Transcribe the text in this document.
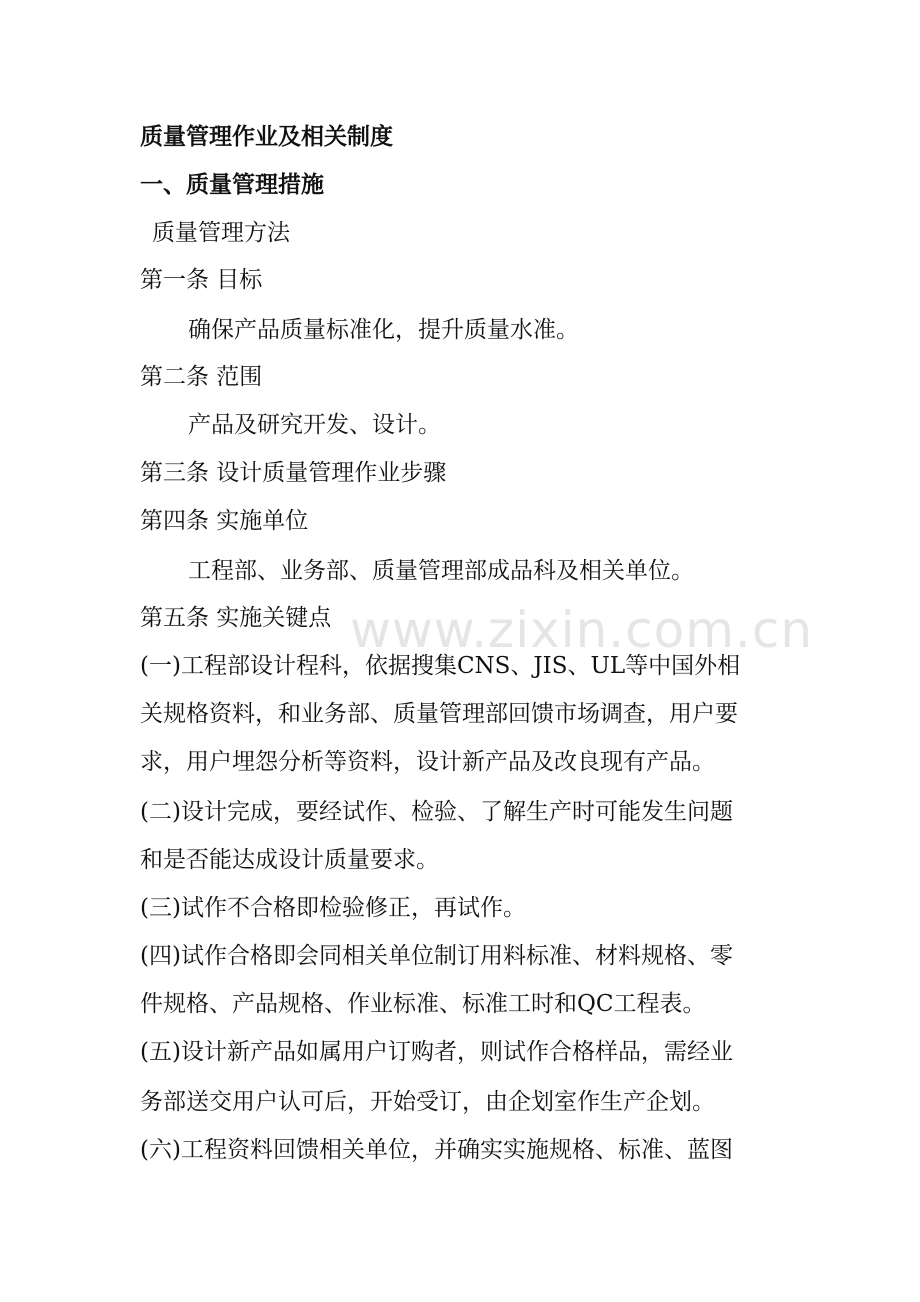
质量管理作业及相关制度
一、质量管理措施
质量管理方法
第一条 目标
确保产品质量标准化，提升质量水准。
第二条 范围
产品及研究开发、设计。
第三条 设计质量管理作业步骤
第四条 实施单位
工程部、业务部、质量管理部成品科及相关单位。
第五条 实施关键点
(一)工程部设计程科，依据搜集CNS、JIS、UL等中国外相
关规格资料，和业务部、质量管理部回馈市场调查，用户要
求，用户埋怨分析等资料，设计新产品及改良现有产品。
(二)设计完成，要经试作、检验、了解生产时可能发生问题
和是否能达成设计质量要求。
(三)试作不合格即检验修正，再试作。
(四)试作合格即会同相关单位制订用料标准、材料规格、零
件规格、产品规格、作业标准、标准工时和QC工程表。
(五)设计新产品如属用户订购者，则试作合格样品，需经业
务部送交用户认可后，开始受订，由企划室作生产企划。
(六)工程资料回馈相关单位，并确实实施规格、标准、蓝图
www.zixin.com.cn
